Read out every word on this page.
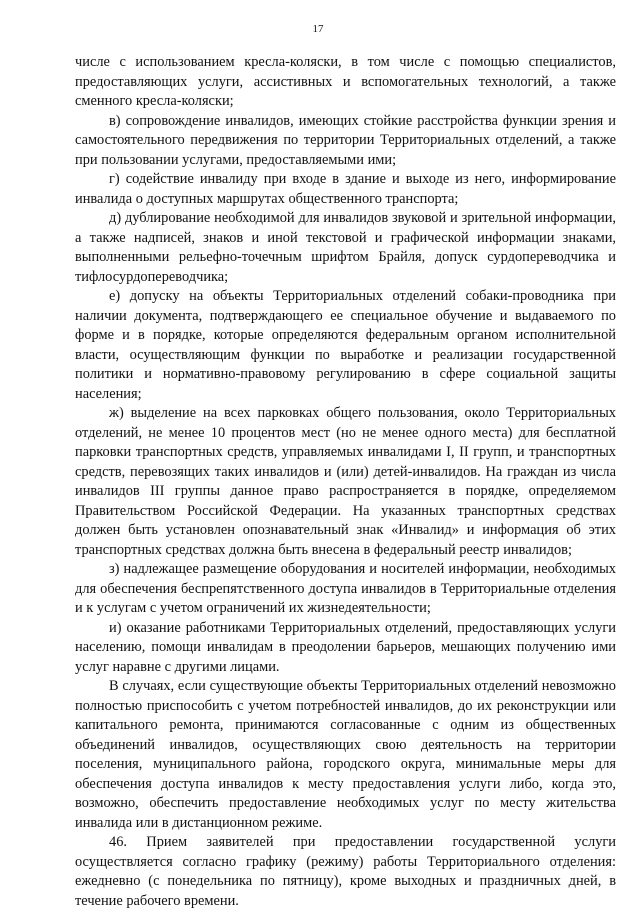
17

числе с использованием кресла-коляски, в том числе с помощью специалистов, предоставляющих услуги, ассистивных и вспомогательных технологий, а также сменного кресла-коляски;

в) сопровождение инвалидов, имеющих стойкие расстройства функции зрения и самостоятельного передвижения по территории Территориальных отделений, а также при пользовании услугами, предоставляемыми ими;

г) содействие инвалиду при входе в здание и выходе из него, информирование инвалида о доступных маршрутах общественного транспорта;

д) дублирование необходимой для инвалидов звуковой и зрительной информации, а также надписей, знаков и иной текстовой и графической информации знаками, выполненными рельефно-точечным шрифтом Брайля, допуск сурдопереводчика и тифлосурдопереводчика;

е) допуску на объекты Территориальных отделений собаки-проводника при наличии документа, подтверждающего ее специальное обучение и выдаваемого по форме и в порядке, которые определяются федеральным органом исполнительной власти, осуществляющим функции по выработке и реализации государственной политики и нормативно-правовому регулированию в сфере социальной защиты населения;

ж) выделение на всех парковках общего пользования, около Территориальных отделений, не менее 10 процентов мест (но не менее одного места) для бесплатной парковки транспортных средств, управляемых инвалидами I, II групп, и транспортных средств, перевозящих таких инвалидов и (или) детей-инвалидов. На граждан из числа инвалидов III группы данное право распространяется в порядке, определяемом Правительством Российской Федерации. На указанных транспортных средствах должен быть установлен опознавательный знак «Инвалид» и информация об этих транспортных средствах должна быть внесена в федеральный реестр инвалидов;

з) надлежащее размещение оборудования и носителей информации, необходимых для обеспечения беспрепятственного доступа инвалидов в Территориальные отделения и к услугам с учетом ограничений их жизнедеятельности;

и) оказание работниками Территориальных отделений, предоставляющих услуги населению, помощи инвалидам в преодолении барьеров, мешающих получению ими услуг наравне с другими лицами.

В случаях, если существующие объекты Территориальных отделений невозможно полностью приспособить с учетом потребностей инвалидов, до их реконструкции или капитального ремонта, принимаются согласованные с одним из общественных объединений инвалидов, осуществляющих свою деятельность на территории поселения, муниципального района, городского округа, минимальные меры для обеспечения доступа инвалидов к месту предоставления услуги либо, когда это, возможно, обеспечить предоставление необходимых услуг по месту жительства инвалида или в дистанционном режиме.

46. Прием заявителей при предоставлении государственной услуги осуществляется согласно графику (режиму) работы Территориального отделения: ежедневно (с понедельника по пятницу), кроме выходных и праздничных дней, в течение рабочего времени.
